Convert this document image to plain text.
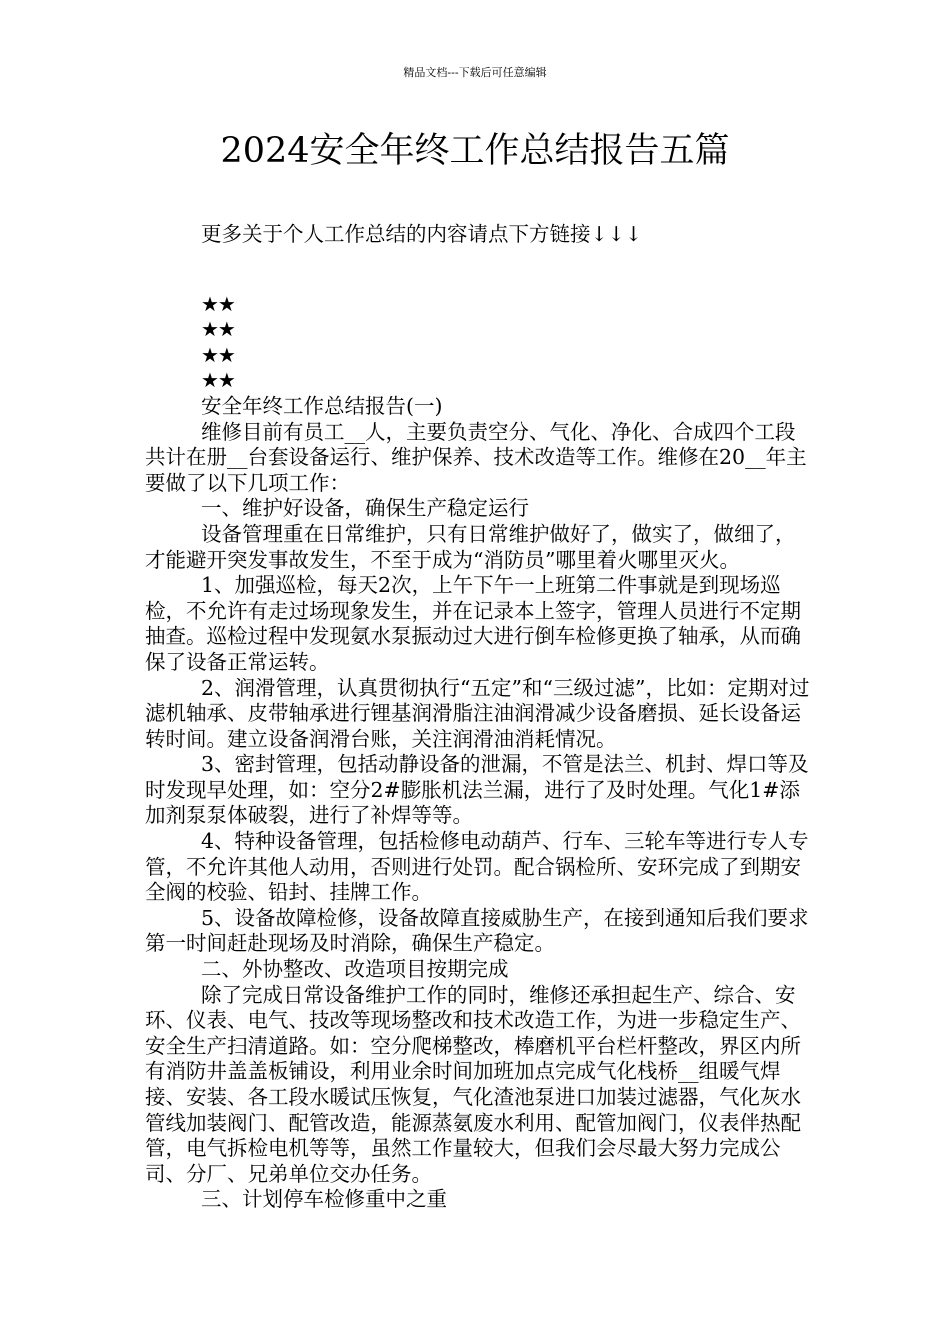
精品文档---下载后可任意编辑
2024安全年终工作总结报告五篇

更多关于个人工作总结的内容请点下方链接↓↓↓

★★
★★
★★
★★

安全年终工作总结报告(一)

维修目前有员工__人，主要负责空分、气化、净化、合成四个工段共计在册__台套设备运行、维护保养、技术改造等工作。维修在20__年主要做了以下几项工作：

一、维护好设备，确保生产稳定运行

设备管理重在日常维护，只有日常维护做好了，做实了，做细了，才能避开突发事故发生，不至于成为“消防员”哪里着火哪里灭火。

1、加强巡检，每天2次，上午下午一上班第二件事就是到现场巡检，不允许有走过场现象发生，并在记录本上签字，管理人员进行不定期抽查。巡检过程中发现氨水泵振动过大进行倒车检修更换了轴承，从而确保了设备正常运转。

2、润滑管理，认真贯彻执行“五定”和“三级过滤”，比如：定期对过滤机轴承、皮带轴承进行锂基润滑脂注油润滑减少设备磨损、延长设备运转时间。建立设备润滑台账，关注润滑油消耗情况。

3、密封管理，包括动静设备的泄漏，不管是法兰、机封、焊口等及时发现早处理，如：空分2#膨胀机法兰漏，进行了及时处理。气化1#添加剂泵泵体破裂，进行了补焊等等。

4、特种设备管理，包括检修电动葫芦、行车、三轮车等进行专人专管，不允许其他人动用，否则进行处罚。配合锅检所、安环完成了到期安全阀的校验、铅封、挂牌工作。

5、设备故障检修，设备故障直接威胁生产，在接到通知后我们要求第一时间赶赴现场及时消除，确保生产稳定。

二、外协整改、改造项目按期完成

除了完成日常设备维护工作的同时，维修还承担起生产、综合、安环、仪表、电气、技改等现场整改和技术改造工作，为进一步稳定生产、安全生产扫清道路。如：空分爬梯整改，棒磨机平台栏杆整改，界区内所有消防井盖盖板铺设，利用业余时间加班加点完成气化栈桥__组暖气焊接、安装、各工段水暖试压恢复，气化渣池泵进口加装过滤器，气化灰水管线加装阀门、配管改造，能源蒸氨废水利用、配管加阀门，仪表伴热配管，电气拆检电机等等，虽然工作量较大，但我们会尽最大努力完成公司、分厂、兄弟单位交办任务。

三、计划停车检修重中之重
